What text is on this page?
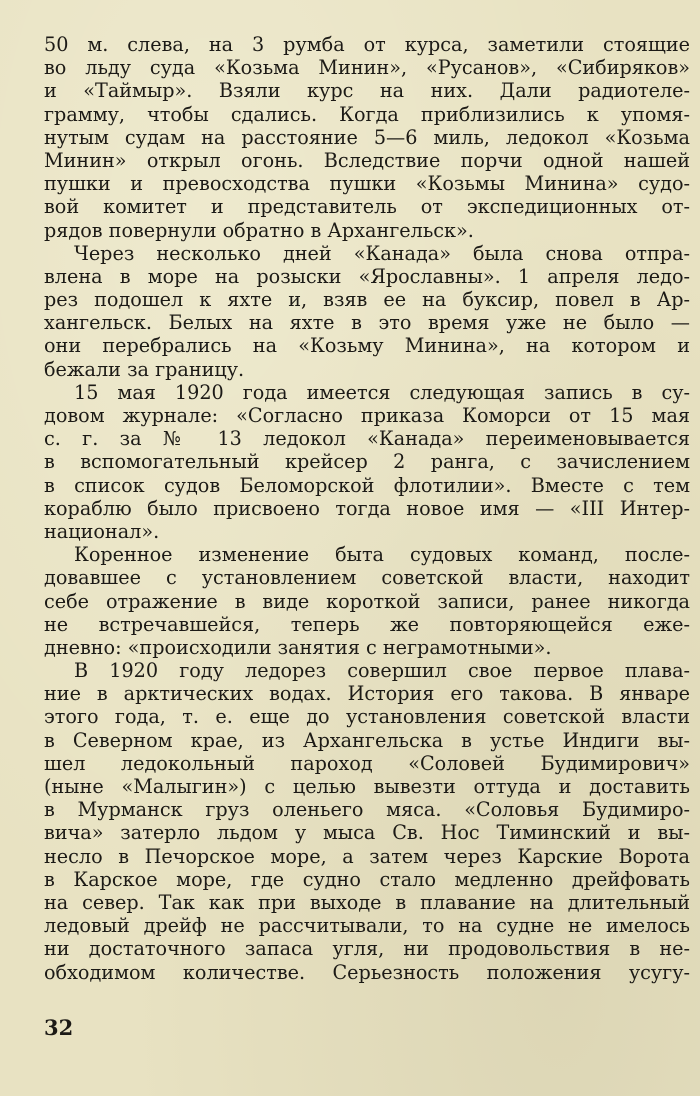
50 м. слева, на 3 румба от курса, заметили стоящие
во льду суда «Козьма Минин», «Русанов», «Сибиряков»
и «Таймыр». Взяли курс на них. Дали радиотеле-
грамму, чтобы сдались. Когда приблизились к упомя-
нутым судам на расстояние 5—6 миль, ледокол «Козьма
Минин» открыл огонь. Вследствие порчи одной нашей
пушки и превосходства пушки «Козьмы Минина» судо-
вой комитет и представитель от экспедиционных от-
рядов повернули обратно в Архангельск».
Через несколько дней «Канада» была снова отпра-
влена в море на розыски «Ярославны». 1 апреля ледо-
рез подошел к яхте и, взяв ее на буксир, повел в Ар-
хангельск. Белых на яхте в это время уже не было —
они перебрались на «Козьму Минина», на котором и
бежали за границу.
15 мая 1920 года имеется следующая запись в су-
довом журнале: «Согласно приказа Коморси от 15 мая
с. г. за № 13 ледокол «Канада» переименовывается
в вспомогательный крейсер 2 ранга, с зачислением
в список судов Беломорской флотилии». Вместе с тем
кораблю было присвоено тогда новое имя — «III Интер-
национал».
Коренное изменение быта судовых команд, после-
довавшее с установлением советской власти, находит
себе отражение в виде короткой записи, ранее никогда
не встречавшейся, теперь же повторяющейся еже-
дневно: «происходили занятия с неграмотными».
В 1920 году ледорез совершил свое первое плава-
ние в арктических водах. История его такова. В январе
этого года, т. е. еще до установления советской власти
в Северном крае, из Архангельска в устье Индиги вы-
шел ледокольный пароход «Соловей Будимирович»
(ныне «Малыгин») с целью вывезти оттуда и доставить
в Мурманск груз оленьего мяса. «Соловья Будимиро-
вича» затерло льдом у мыса Св. Нос Тиминский и вы-
несло в Печорское море, а затем через Карские Ворота
в Карское море, где судно стало медленно дрейфовать
на север. Так как при выходе в плавание на длительный
ледовый дрейф не рассчитывали, то на судне не имелось
ни достаточного запаса угля, ни продовольствия в не-
обходимом количестве. Серьезность положения усугу-
32
